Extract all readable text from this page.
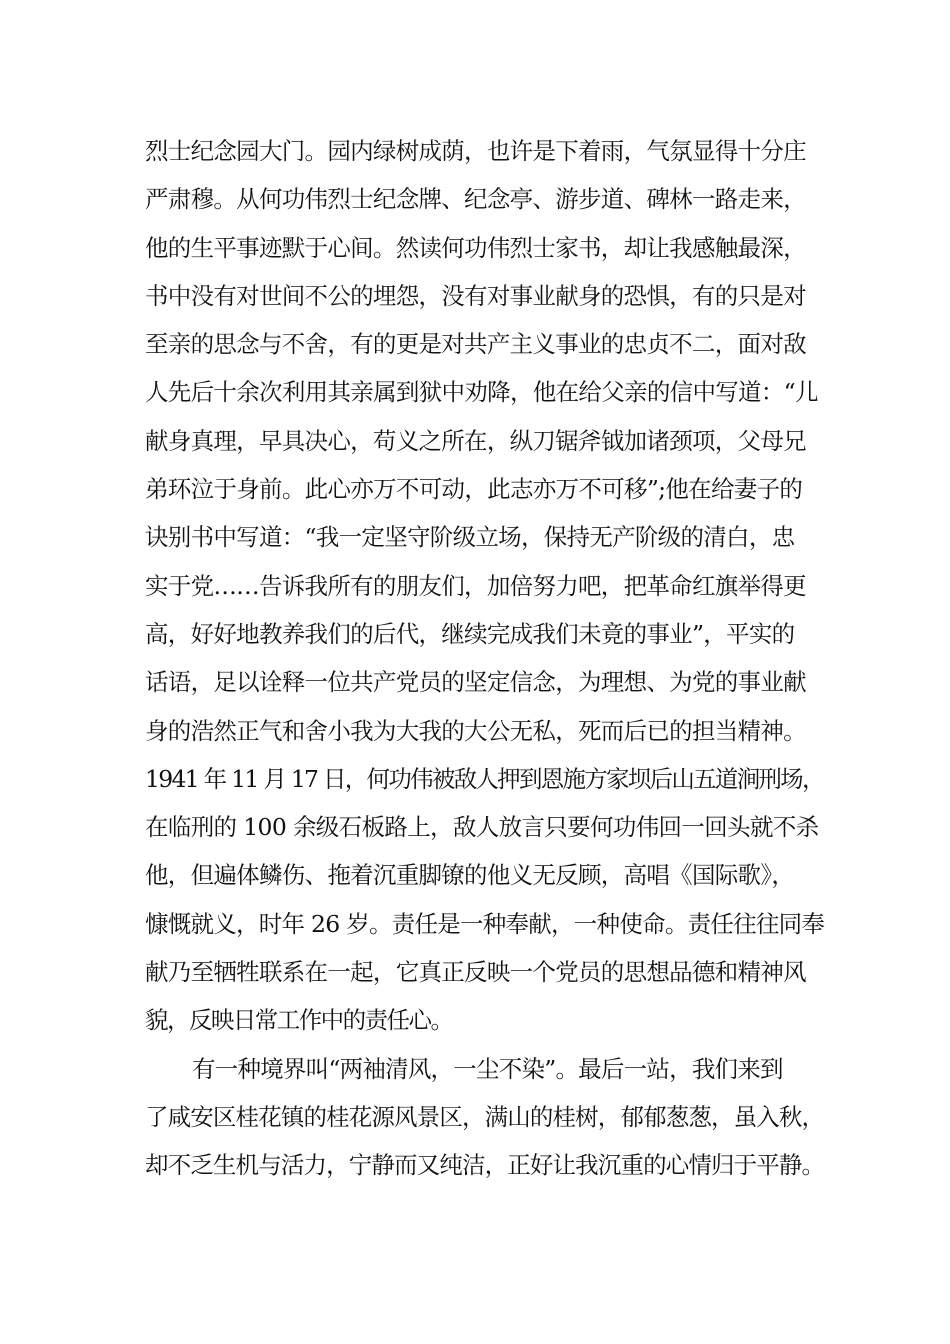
烈士纪念园大门。园内绿树成荫，也许是下着雨，气氛显得十分庄
严肃穆。从何功伟烈士纪念牌、纪念亭、游步道、碑林一路走来，
他的生平事迹默于心间。然读何功伟烈士家书，却让我感触最深，
书中没有对世间不公的埋怨，没有对事业献身的恐惧，有的只是对
至亲的思念与不舍，有的更是对共产主义事业的忠贞不二，面对敌
人先后十余次利用其亲属到狱中劝降，他在给父亲的信中写道：“儿
献身真理，早具决心，苟义之所在，纵刀锯斧钺加诸颈项，父母兄
弟环泣于身前。此心亦万不可动，此志亦万不可移”;他在给妻子的
诀别书中写道：“我一定坚守阶级立场，保持无产阶级的清白，忠
实于党……告诉我所有的朋友们，加倍努力吧，把革命红旗举得更
高，好好地教养我们的后代，继续完成我们未竟的事业”，平实的
话语，足以诠释一位共产党员的坚定信念，为理想、为党的事业献
身的浩然正气和舍小我为大我的大公无私，死而后已的担当精神。
1941 年 11 月 17 日，何功伟被敌人押到恩施方家坝后山五道涧刑场，
在临刑的 100 余级石板路上，敌人放言只要何功伟回一回头就不杀
他，但遍体鳞伤、拖着沉重脚镣的他义无反顾，高唱《国际歌》，
慷慨就义，时年 26 岁。责任是一种奉献，一种使命。责任往往同奉
献乃至牺牲联系在一起，它真正反映一个党员的思想品德和精神风
貌，反映日常工作中的责任心。
有一种境界叫“两袖清风，一尘不染”。最后一站，我们来到
了咸安区桂花镇的桂花源风景区，满山的桂树，郁郁葱葱，虽入秋，
却不乏生机与活力，宁静而又纯洁，正好让我沉重的心情归于平静。
